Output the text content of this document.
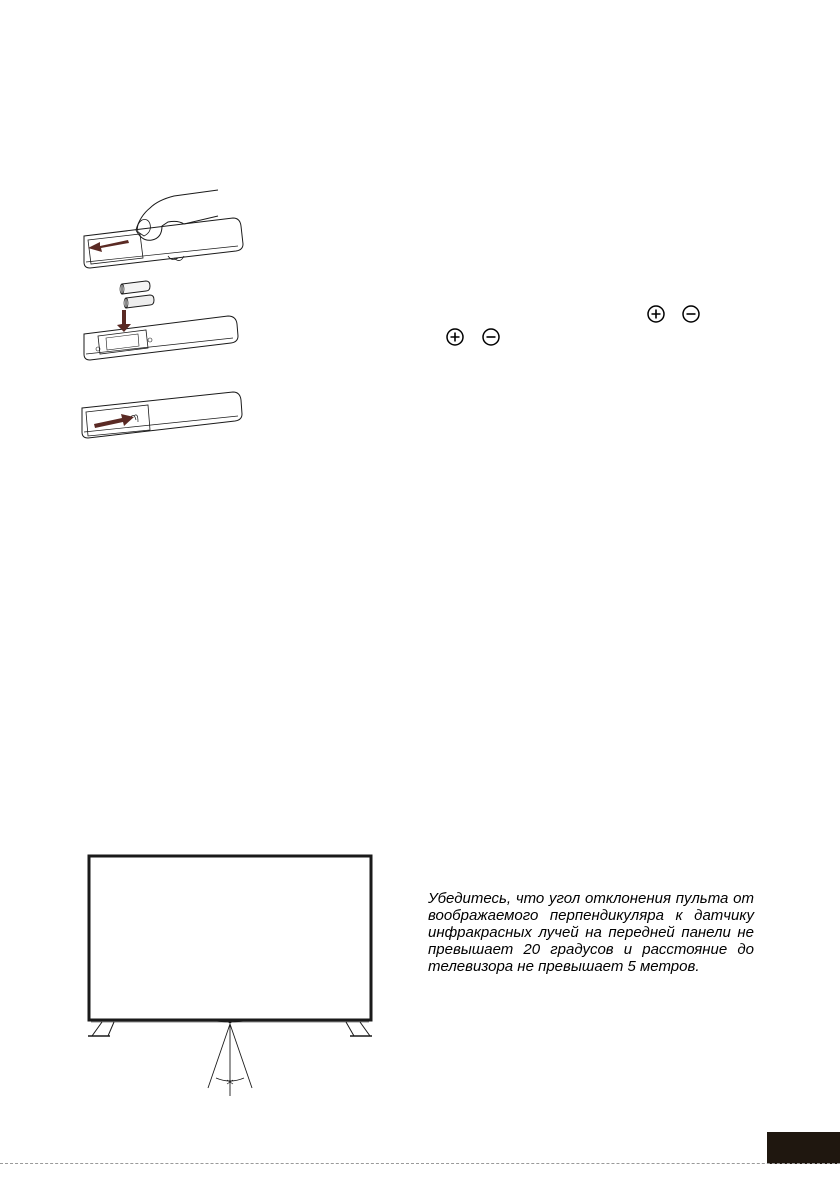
Убедитесь, что угол отклонения пульта от воображаемого перпендикуляра к датчику инфракрасных лучей на передней панели не превышает 20 градусов и расстояние до телевизора не превышает 5 метров.
